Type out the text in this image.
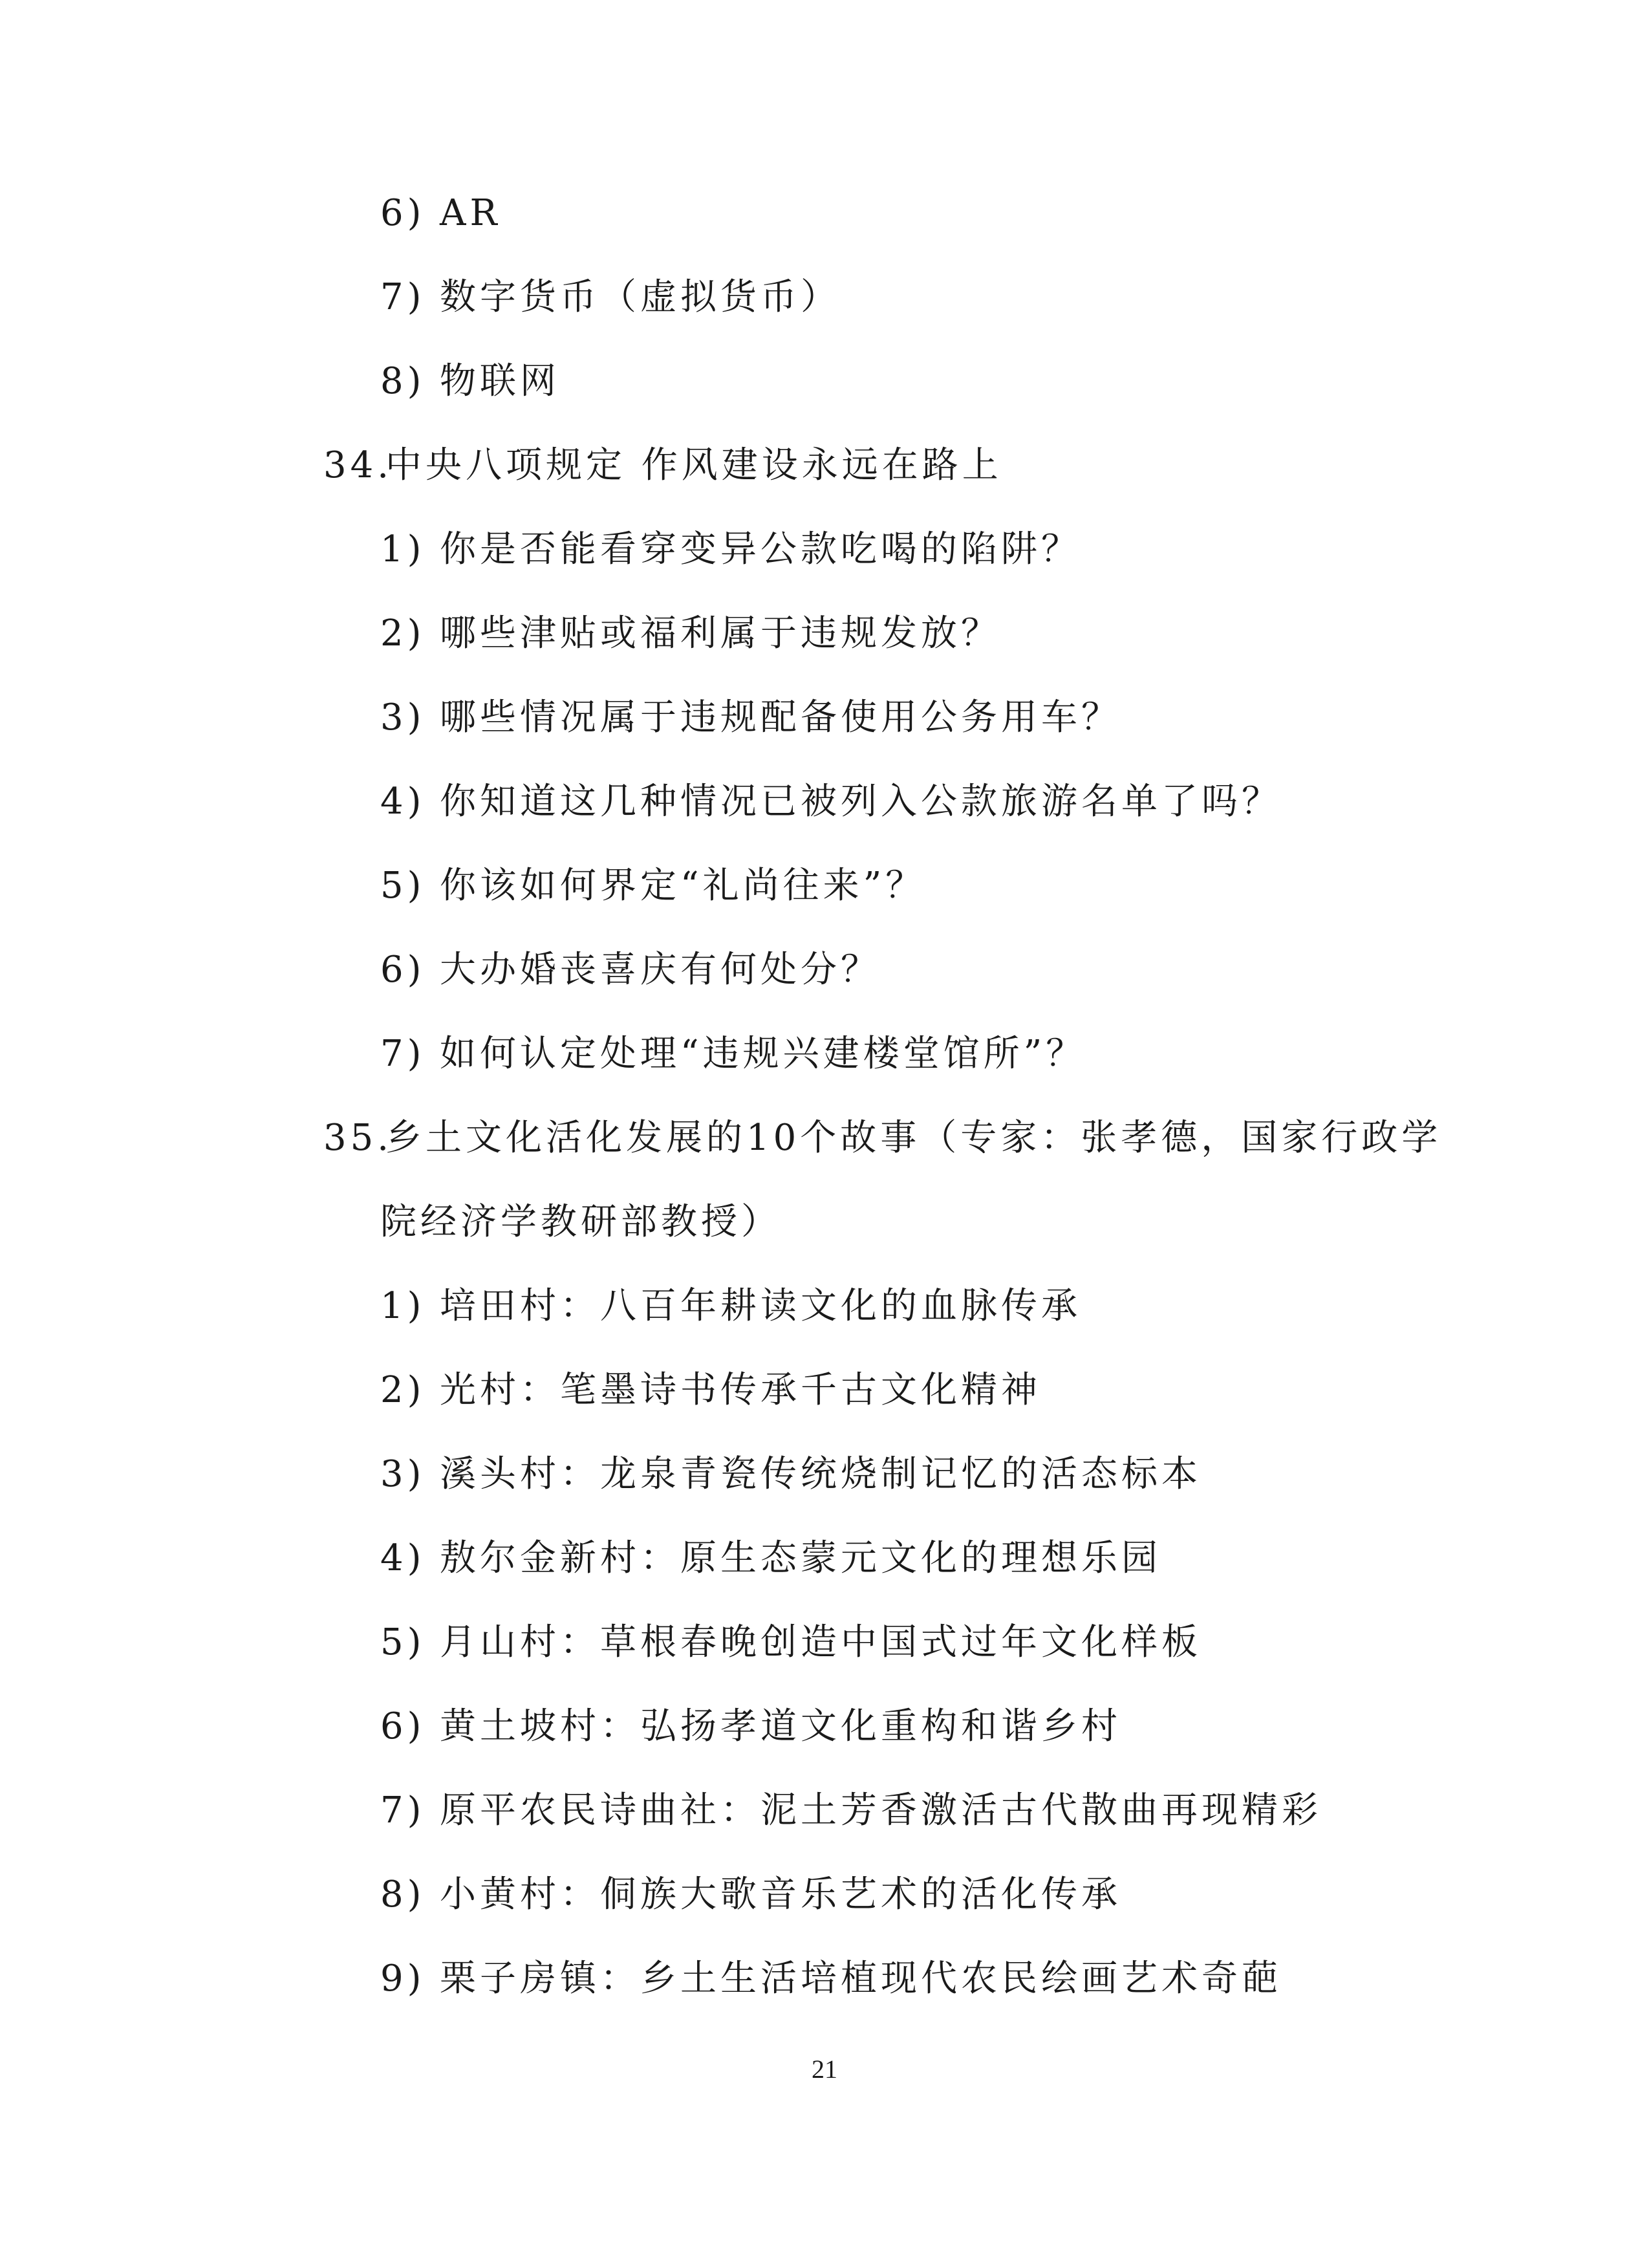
6) AR
7) 数字货币（虚拟货币）
8) 物联网
34.中央八项规定 作风建设永远在路上
1) 你是否能看穿变异公款吃喝的陷阱？
2) 哪些津贴或福利属于违规发放？
3) 哪些情况属于违规配备使用公务用车？
4) 你知道这几种情况已被列入公款旅游名单了吗？
5) 你该如何界定“礼尚往来”？
6) 大办婚丧喜庆有何处分？
7) 如何认定处理“违规兴建楼堂馆所”？
35.乡土文化活化发展的10个故事（专家：张孝德，国家行政学
院经济学教研部教授）
1) 培田村：八百年耕读文化的血脉传承
2) 光村：笔墨诗书传承千古文化精神
3) 溪头村：龙泉青瓷传统烧制记忆的活态标本
4) 敖尔金新村：原生态蒙元文化的理想乐园
5) 月山村：草根春晚创造中国式过年文化样板
6) 黄土坡村：弘扬孝道文化重构和谐乡村
7) 原平农民诗曲社：泥土芳香激活古代散曲再现精彩
8) 小黄村：侗族大歌音乐艺术的活化传承
9) 栗子房镇：乡土生活培植现代农民绘画艺术奇葩
21
